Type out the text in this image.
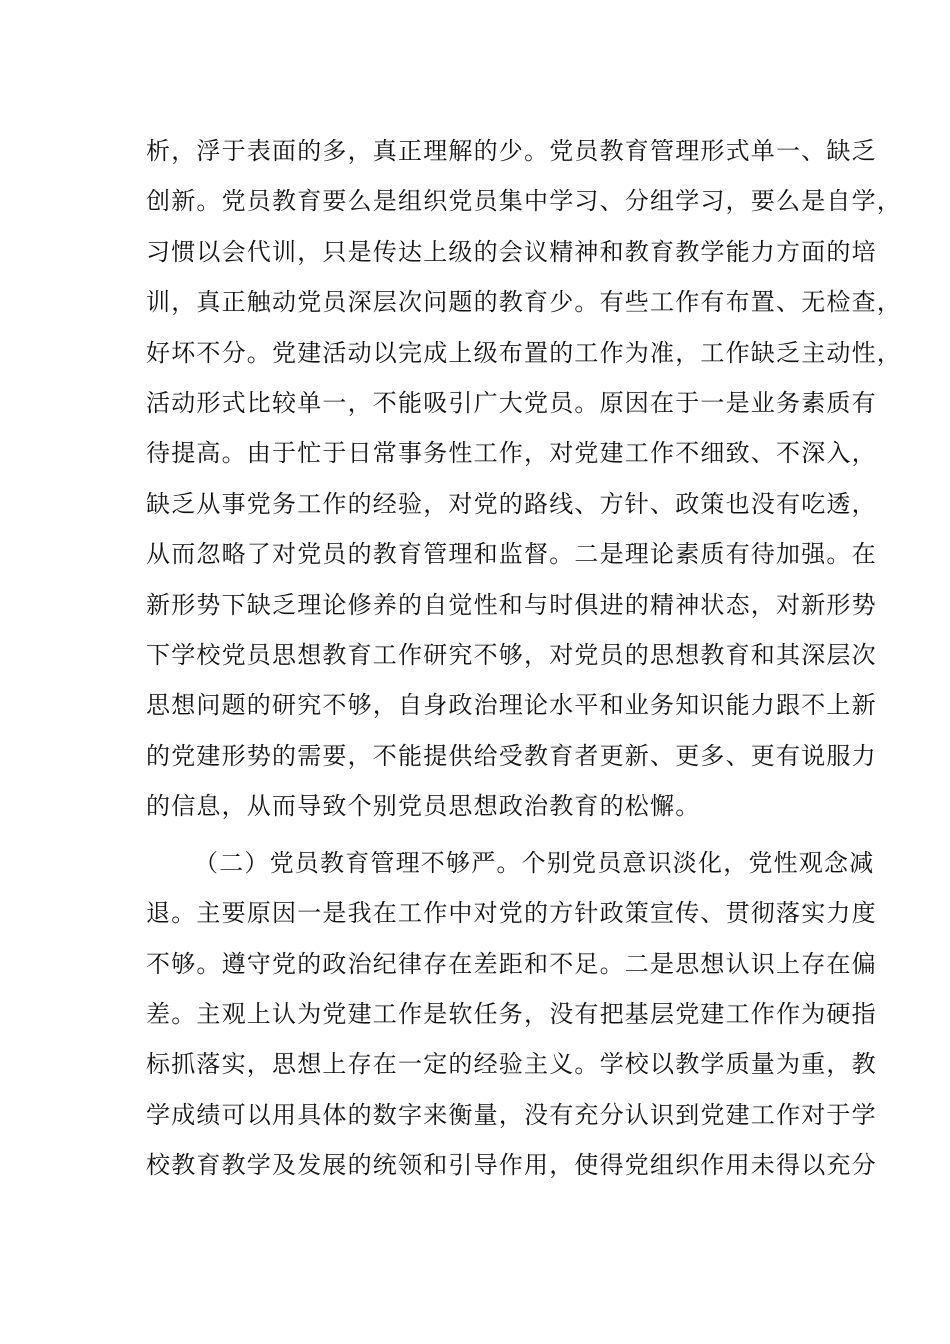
析，浮于表面的多，真正理解的少。党员教育管理形式单一、缺乏
创新。党员教育要么是组织党员集中学习、分组学习，要么是自学，
习惯以会代训，只是传达上级的会议精神和教育教学能力方面的培
训，真正触动党员深层次问题的教育少。有些工作有布置、无检查，
好坏不分。党建活动以完成上级布置的工作为准，工作缺乏主动性，
活动形式比较单一，不能吸引广大党员。原因在于一是业务素质有
待提高。由于忙于日常事务性工作，对党建工作不细致、不深入，
缺乏从事党务工作的经验，对党的路线、方针、政策也没有吃透，
从而忽略了对党员的教育管理和监督。二是理论素质有待加强。在
新形势下缺乏理论修养的自觉性和与时俱进的精神状态，对新形势
下学校党员思想教育工作研究不够，对党员的思想教育和其深层次
思想问题的研究不够，自身政治理论水平和业务知识能力跟不上新
的党建形势的需要，不能提供给受教育者更新、更多、更有说服力
的信息，从而导致个别党员思想政治教育的松懈。
（二）党员教育管理不够严。个别党员意识淡化，党性观念减
退。主要原因一是我在工作中对党的方针政策宣传、贯彻落实力度
不够。遵守党的政治纪律存在差距和不足。二是思想认识上存在偏
差。主观上认为党建工作是软任务，没有把基层党建工作作为硬指
标抓落实，思想上存在一定的经验主义。学校以教学质量为重，教
学成绩可以用具体的数字来衡量，没有充分认识到党建工作对于学
校教育教学及发展的统领和引导作用，使得党组织作用未得以充分
